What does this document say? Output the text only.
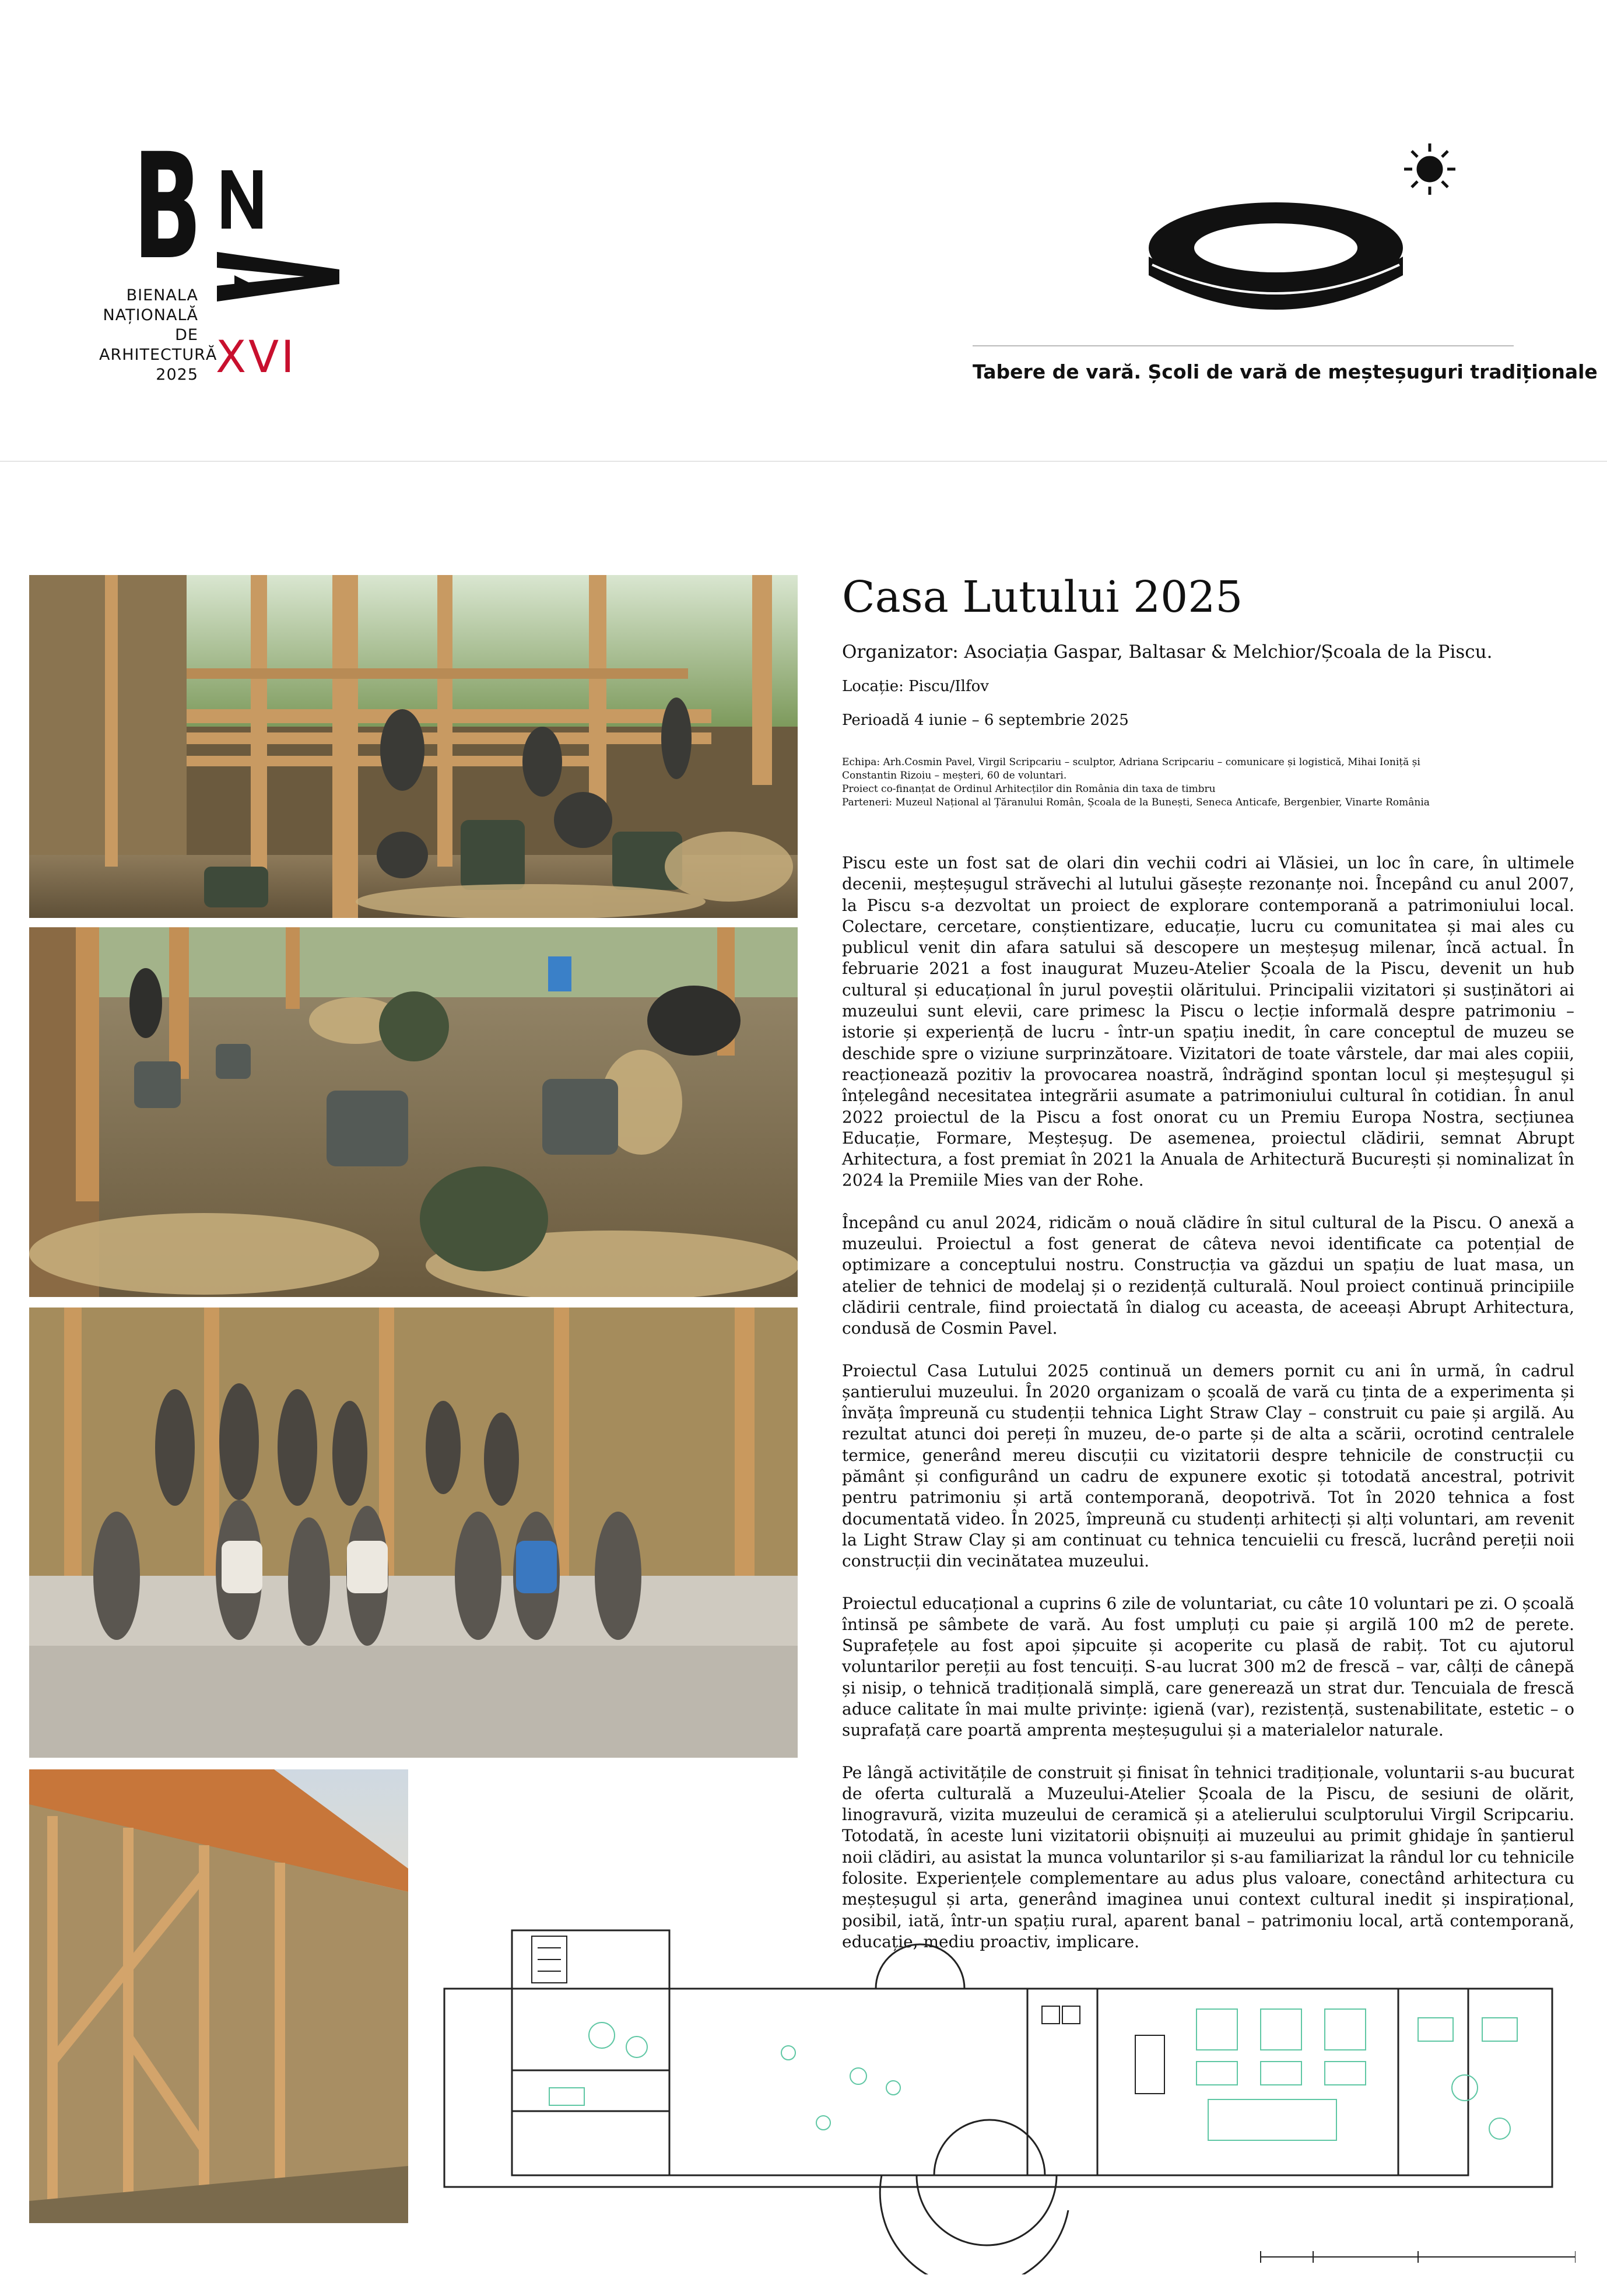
B
BIENALA
NAȚIONALĂ
DE
ARHITECTURĂ
2025 XVI	Tabere de vară. Școli de vară de meșteșuguri tradiționale
Casa Lutului 2025
Organizator: Asociația Gaspar, Baltasar & Melchior/Școala de la Piscu.
Locație: Piscu/Ilfov
Perioadă 4 iunie – 6 septembrie 2025
Echipa: Arh.Cosmin Pavel, Virgil Scripcariu – sculptor, Adriana Scripcariu – comunicare și logistică, Mihai Ioniță și
Constantin Rizoiu – meșteri, 60 de voluntari.
Proiect co-finanțat de Ordinul Arhitecților din România din taxa de timbru
Parteneri: Muzeul Național al Țăranului Român, Școala de la Bunești, Seneca Anticafe, Bergenbier, Vinarte România

Piscu este un fost sat de olari din vechii codri ai Vlăsiei, un loc în care, în ultimele decenii, meșteșugul străvechi al lutului găsește rezonanțe noi. Începând cu anul 2007, la Piscu s-a dezvoltat un proiect de explorare contemporană a patrimoniului local. Colectare, cercetare, conștientizare, educație, lucru cu comunitatea și mai ales cu publicul venit din afara satului să descopere un meșteșug milenar, încă actual. În februarie 2021 a fost inaugurat Muzeu-Atelier Școala de la Piscu, devenit un hub cultural și educațional în jurul poveștii olăritului. Principalii vizitatori și susținători ai muzeului sunt elevii, care primesc la Piscu o lecție informală despre patrimoniu – istorie și experiență de lucru - într-un spațiu inedit, în care conceptul de muzeu se deschide spre o viziune surprinzătoare. Vizitatori de toate vârstele, dar mai ales copiii, reacționează pozitiv la provocarea noastră, îndrăgind spontan locul și meșteșugul și înțelegând necesitatea integrării asumate a patrimoniului cultural în cotidian. În anul 2022 proiectul de la Piscu a fost onorat cu un Premiu Europa Nostra, secțiunea Educație, Formare, Meșteșug. De asemenea, proiectul clădirii, semnat Abrupt Arhitectura, a fost premiat în 2021 la Anuala de Arhitectură București și nominalizat în 2024 la Premiile Mies van der Rohe.

Începând cu anul 2024, ridicăm o nouă clădire în situl cultural de la Piscu. O anexă a muzeului. Proiectul a fost generat de câteva nevoi identificate ca potențial de optimizare a conceptului nostru. Construcția va găzdui un spațiu de luat masa, un atelier de tehnici de modelaj și o rezidență culturală. Noul proiect continuă principiile clădirii centrale, fiind proiectată în dialog cu aceasta, de aceeași Abrupt Arhitectura, condusă de Cosmin Pavel.

Proiectul Casa Lutului 2025 continuă un demers pornit cu ani în urmă, în cadrul șantierului muzeului. În 2020 organizam o școală de vară cu ținta de a experimenta și învăța împreună cu studenții tehnica Light Straw Clay – construit cu paie și argilă. Au rezultat atunci doi pereți în muzeu, de-o parte și de alta a scării, ocrotind centralele termice, generând mereu discuții cu vizitatorii despre tehnicile de construcții cu pământ și configurând un cadru de expunere exotic și totodată ancestral, potrivit pentru patrimoniu și artă contemporană, deopotrivă. Tot în 2020 tehnica a fost documentată video. În 2025, împreună cu studenți arhitecți și alți voluntari, am revenit la Light Straw Clay și am continuat cu tehnica tencuielii cu frescă, lucrând pereții noii construcții din vecinătatea muzeului.

Proiectul educațional a cuprins 6 zile de voluntariat, cu câte 10 voluntari pe zi. O școală întinsă pe sâmbete de vară. Au fost umpluți cu paie și argilă 100 m2 de perete. Suprafețele au fost apoi șipcuite și acoperite cu plasă de rabiț. Tot cu ajutorul voluntarilor pereții au fost tencuiți. S-au lucrat 300 m2 de frescă – var, câlți de cânepă și nisip, o tehnică tradițională simplă, care generează un strat dur. Tencuiala de frescă aduce calitate în mai multe privințe: igienă (var), rezistență, sustenabilitate, estetic – o suprafață care poartă amprenta meșteșugului și a materialelor naturale.

Pe lângă activitățile de construit și finisat în tehnici tradiționale, voluntarii s-au bucurat de oferta culturală a Muzeului-Atelier Școala de la Piscu, de sesiuni de olărit, linogravură, vizita muzeului de ceramică și a atelierului sculptorului Virgil Scripcariu. Totodată, în aceste luni vizitatorii obișnuiți ai muzeului au primit ghidaje în șantierul noii clădiri, au asistat la munca voluntarilor și s-au familiarizat la rândul lor cu tehnicile folosite. Experiențele complementare au adus plus valoare, conectând arhitectura cu meșteșugul și arta, generând imaginea unui context cultural inedit și inspirațional, posibil, iată, într-un spațiu rural, aparent banal – patrimoniu local, artă contemporană, educație, mediu proactiv, implicare.
